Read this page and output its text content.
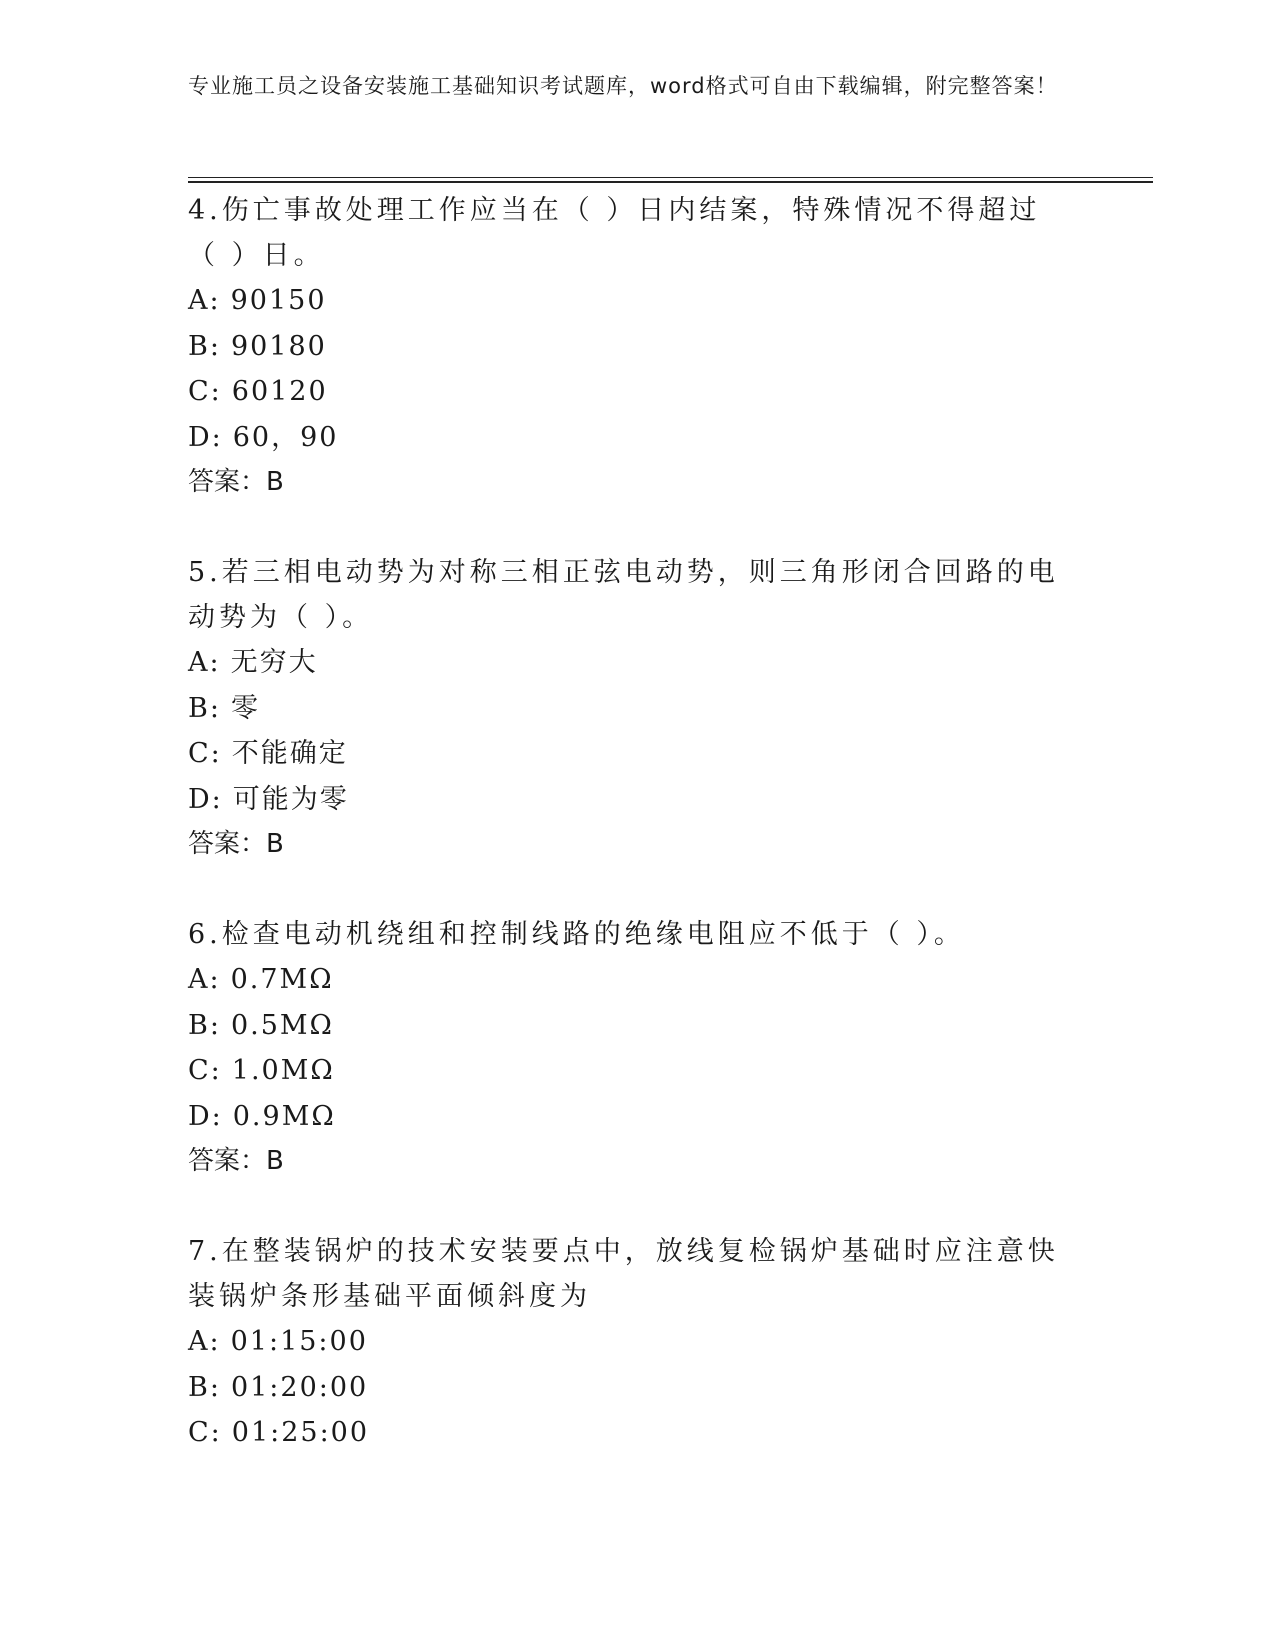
专业施工员之设备安装施工基础知识考试题库，word格式可自由下载编辑，附完整答案！

4.伤亡事故处理工作应当在（ ）日内结案，特殊情况不得超过（ ）日。

A: 90150

B: 90180

C: 60120

D: 60，90

答案：B

5.若三相电动势为对称三相正弦电动势，则三角形闭合回路的电动势为（ ）。

A: 无穷大

B: 零

C: 不能确定

D: 可能为零

答案：B

6.检查电动机绕组和控制线路的绝缘电阻应不低于（ ）。

A: 0.7MΩ

B: 0.5MΩ

C: 1.0MΩ

D: 0.9MΩ

答案：B

7.在整装锅炉的技术安装要点中，放线复检锅炉基础时应注意快装锅炉条形基础平面倾斜度为

A: 01:15:00

B: 01:20:00

C: 01:25:00
